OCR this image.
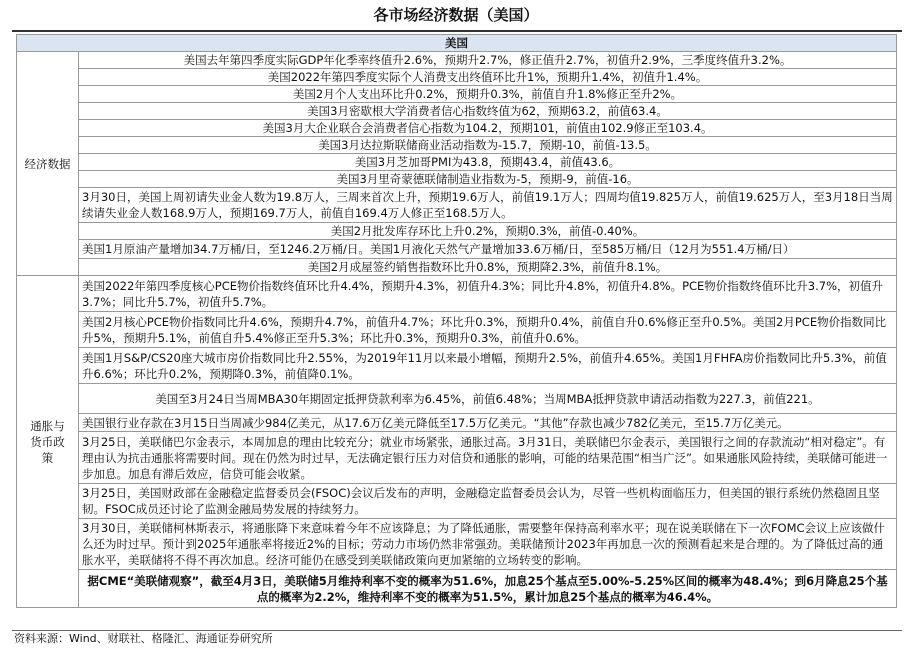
各市场经济数据（美国）
美国	
经济数据	美国去年第四季度实际GDP年化季率终值升2.6%，预期升2.7%，修正值升2.7%，初值升2.9%，三季度终值升3.2%。
	美国2022年第四季度实际个人消费支出终值环比升1%，预期升1.4%，初值升1.4%。
	美国2月个人支出环比升0.2%，预期升0.3%，前值自升1.8%修正至升2%。
	美国3月密歇根大学消费者信心指数终值为62，预期63.2，前值63.4。
	美国3月大企业联合会消费者信心指数为104.2，预期101，前值由102.9修正至103.4。
	美国3月达拉斯联储商业活动指数为-15.7，预期-10，前值-13.5。
	美国3月芝加哥PMI为43.8，预期43.4，前值43.6。
	美国3月里奇蒙德联储制造业指数为-5，预期-9，前值-16。
	3月30日，美国上周初请失业金人数为19.8万人，三周来首次上升，预期19.6万人，前值19.1万人；四周均值19.825万人，前值19.625万人，至3月18日当周续请失业金人数168.9万人，预期169.7万人，前值自169.4万人修正至168.5万人。
	美国2月批发库存环比上升0.2%，预期0.3%，前值-0.40%。
	美国1月原油产量增加34.7万桶/日，至1246.2万桶/日。美国1月液化天然气产量增加33.6万桶/日，至585万桶/日（12月为551.4万桶/日）
	美国2月成屋签约销售指数环比升0.8%，预期降2.3%，前值升8.1%。
通胀与货币政策	美国2022年第四季度核心PCE物价指数终值环比升4.4%，预期升4.3%，初值升4.3%；同比升4.8%，初值升4.8%。PCE物价指数终值环比升3.7%，初值升3.7%；同比升5.7%，初值升5.7%。
	美国2月核心PCE物价指数同比升4.6%，预期升4.7%，前值升4.7%；环比升0.3%，预期升0.4%，前值自升0.6%修正至升0.5%。美国2月PCE物价指数同比升5%，预期升5.1%，前值自升5.4%修正至升5.3%；环比升0.3%，预期升0.3%，前值升0.6%。
	美国1月S&P/CS20座大城市房价指数同比升2.55%，为2019年11月以来最小增幅，预期升2.5%，前值升4.65%。美国1月FHFA房价指数同比升5.3%，前值升6.6%；环比升0.2%，预期降0.3%，前值降0.1%。
	美国至3月24日当周MBA30年期固定抵押贷款利率为6.45%，前值6.48%；当周MBA抵押贷款申请活动指数为227.3，前值221。
	美国银行业存款在3月15日当周减少984亿美元，从17.6万亿美元降低至17.5万亿美元。“其他”存款也减少782亿美元，至15.7万亿美元。
	3月25日，美联储巴尔金表示，本周加息的理由比较充分；就业市场紧张，通胀过高。3月31日，美联储巴尔金表示，美国银行之间的存款流动“相对稳定”。有理由认为抗击通胀将需要时间。现在仍然为时过早，无法确定银行压力对信贷和通胀的影响，可能的结果范围“相当广泛”。如果通胀风险持续，美联储可能进一步加息。加息有滞后效应，信贷可能会收紧。
	3月25日，美国财政部在金融稳定监督委员会(FSOC)会议后发布的声明，金融稳定监督委员会认为，尽管一些机构面临压力，但美国的银行系统仍然稳固且坚韧。FSOC成员还讨论了监测金融局势发展的持续努力。
	3月30日，美联储柯林斯表示，将通胀降下来意味着今年不应该降息；为了降低通胀，需要整年保持高利率水平；现在说美联储在下一次FOMC会议上应该做什么还为时过早。预计到2025年通胀率将接近2%的目标；劳动力市场仍然非常强劲。美联储预计2023年再加息一次的预测看起来是合理的。为了降低过高的通胀水平，美联储将不得不再次加息。经济可能仍在感受到美联储政策向更加紧缩的立场转变的影响。
	据CME“美联储观察”，截至4月3日，美联储5月维持利率不变的概率为51.6%，加息25个基点至5.00%-5.25%区间的概率为48.4%；到6月降息25个基点的概率为2.2%，维持利率不变的概率为51.5%，累计加息25个基点的概率为46.4%。
资料来源：Wind、财联社、格隆汇、海通证券研究所
